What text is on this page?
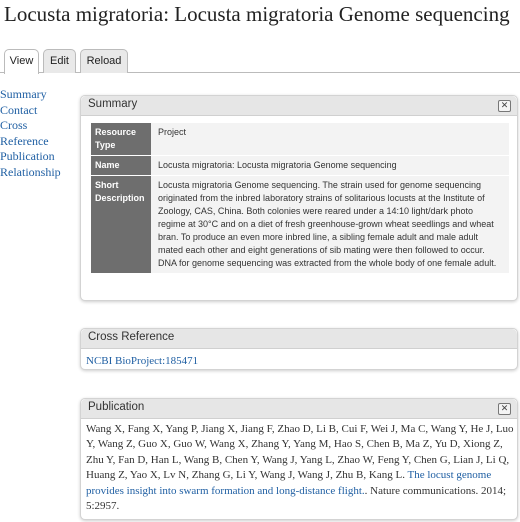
Locusta migratoria: Locusta migratoria Genome sequencing
View	Edit	Reload
Summary
Contact
Cross Reference
Publication
Relationship
Summary	✕
Resource Type	Project
Name	Locusta migratoria: Locusta migratoria Genome sequencing
Short Description	Locusta migratoria Genome sequencing. The strain used for genome sequencing originated from the inbred laboratory strains of solitarious locusts at the Institute of Zoology, CAS, China. Both colonies were reared under a 14:10 light/dark photo regime at 30°C and on a diet of fresh greenhouse-grown wheat seedlings and wheat bran. To produce an even more inbred line, a sibling female adult and male adult mated each other and eight generations of sib mating were then followed to occur. DNA for genome sequencing was extracted from the whole body of one female adult.
Cross Reference
NCBI BioProject:185471
Publication	✕

Wang X, Fang X, Yang P, Jiang X, Jiang F, Zhao D, Li B, Cui F, Wei J, Ma C, Wang Y, He J, Luo Y, Wang Z, Guo X, Guo W, Wang X, Zhang Y, Yang M, Hao S, Chen B, Ma Z, Yu D, Xiong Z, Zhu Y, Fan D, Han L, Wang B, Chen Y, Wang J, Yang L, Zhao W, Feng Y, Chen G, Lian J, Li Q, Huang Z, Yao X, Lv N, Zhang G, Li Y, Wang J, Wang J, Zhu B, Kang L. The locust genome provides insight into swarm formation and long-distance flight.. Nature communications. 2014; 5:2957.
